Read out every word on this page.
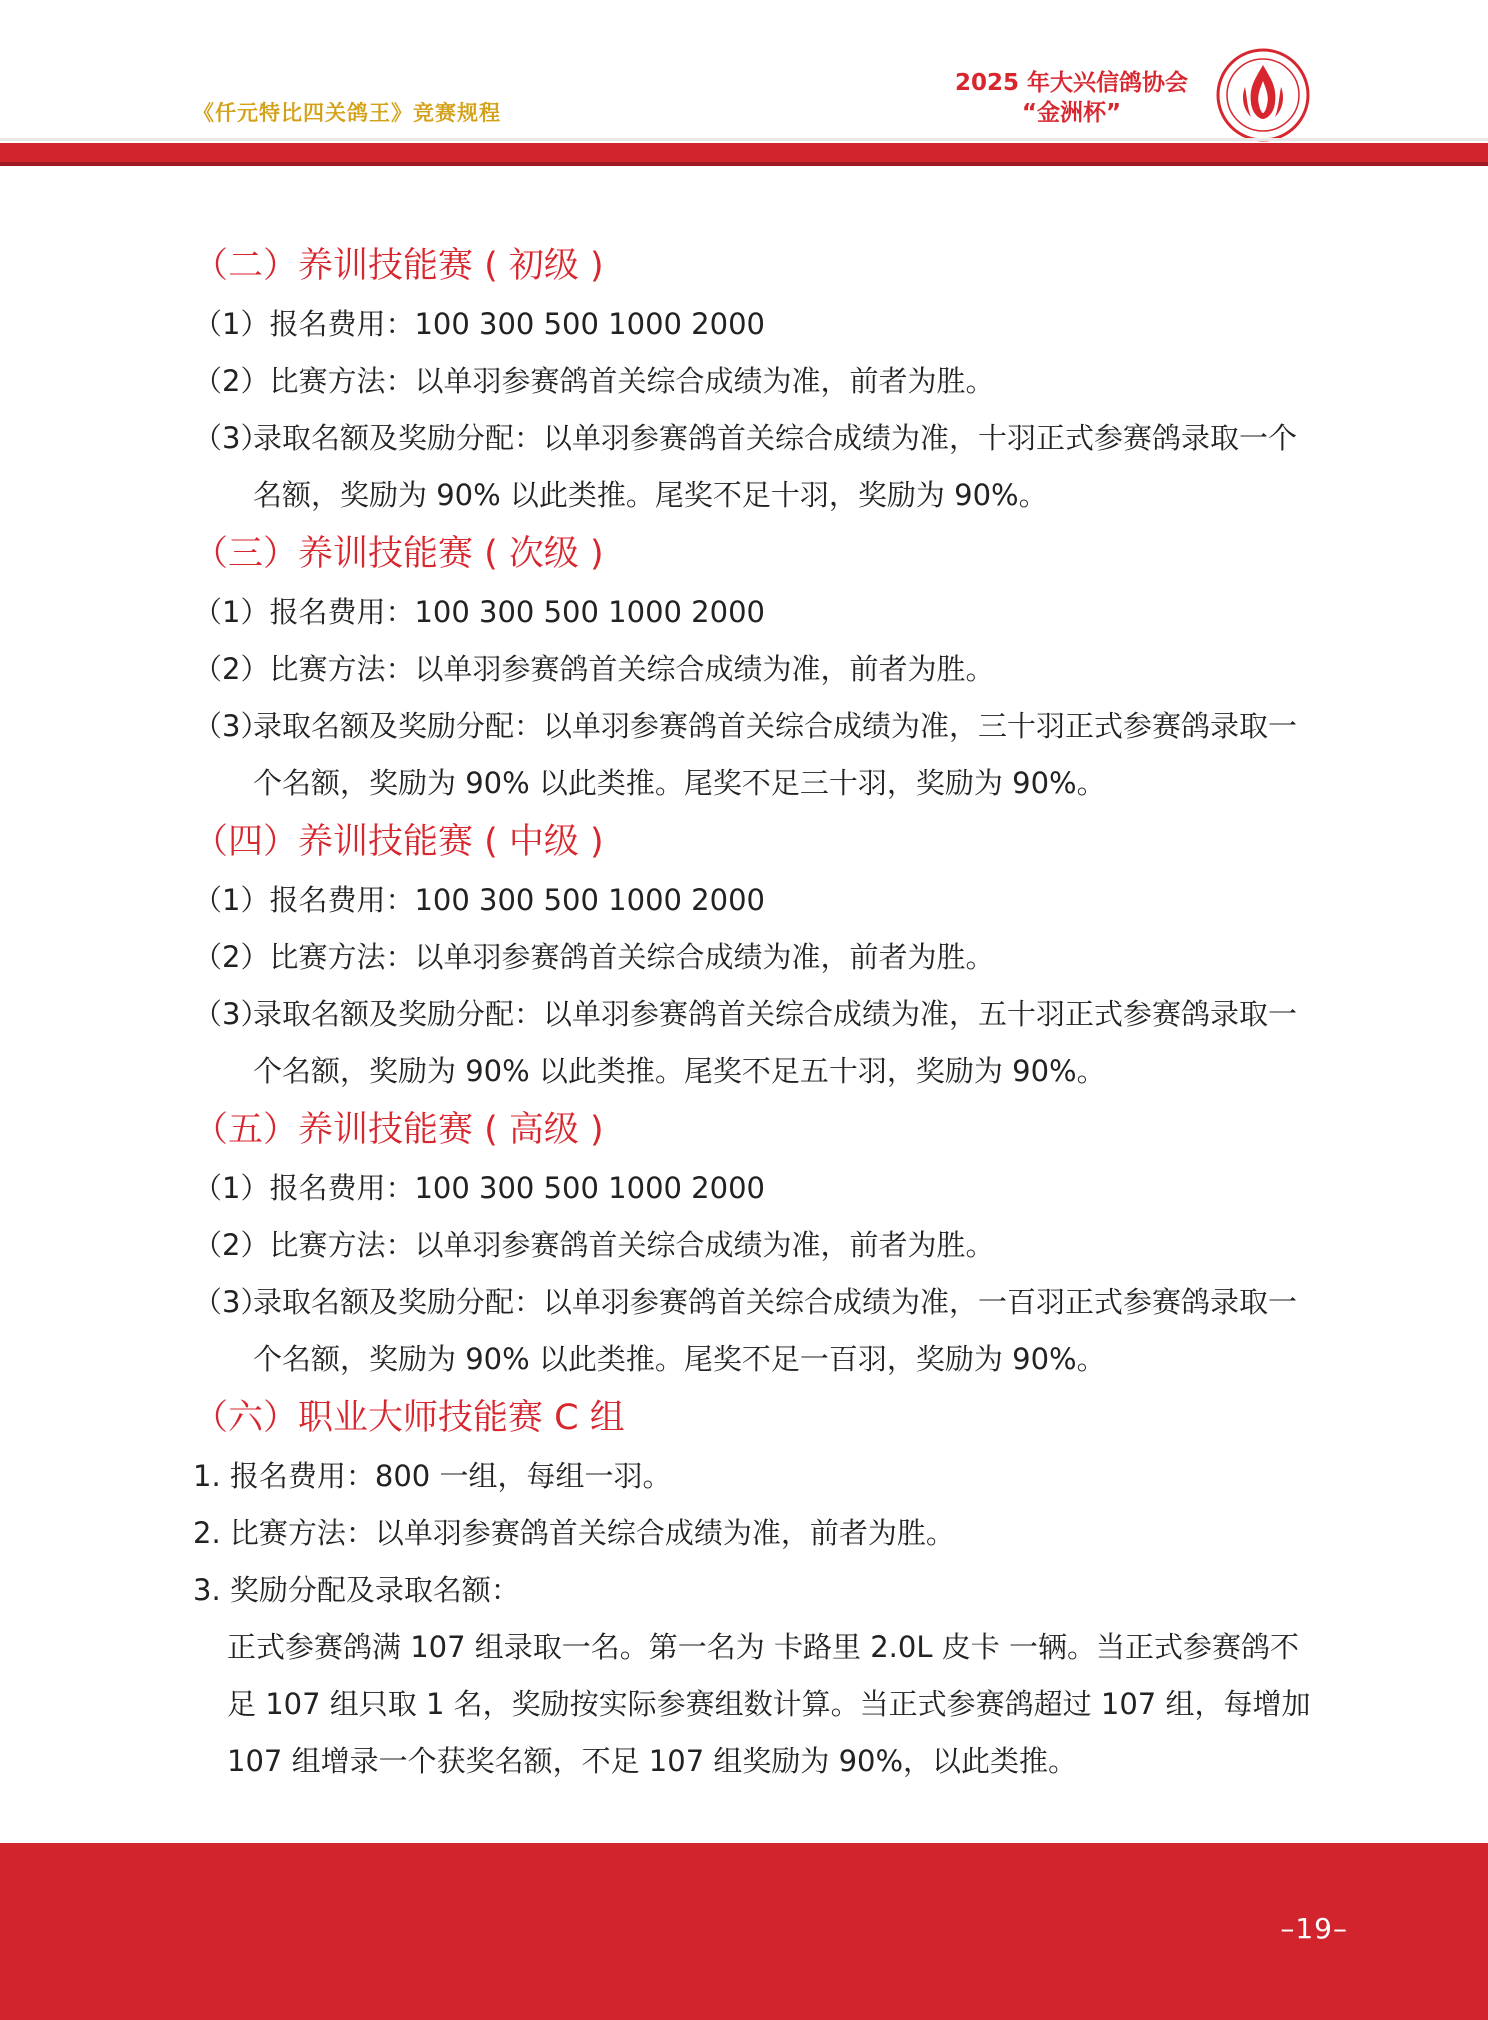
《仟元特比四关鸽王》竞赛规程
2025 年大兴信鸽协会
“金洲杯”
（二）养训技能赛 ( 初级 )
（1）报名费用：100 300 500 1000 2000
（2）比赛方法：以单羽参赛鸽首关综合成绩为准，前者为胜。
（3）录取名额及奖励分配：以单羽参赛鸽首关综合成绩为准，十羽正式参赛鸽录取一个名额，奖励为 90% 以此类推。尾奖不足十羽，奖励为 90%。
（三）养训技能赛 ( 次级 )
（1）报名费用：100 300 500 1000 2000
（2）比赛方法：以单羽参赛鸽首关综合成绩为准，前者为胜。
（3）录取名额及奖励分配：以单羽参赛鸽首关综合成绩为准，三十羽正式参赛鸽录取一个名额，奖励为 90% 以此类推。尾奖不足三十羽，奖励为 90%。
（四）养训技能赛 ( 中级 )
（1）报名费用：100 300 500 1000 2000
（2）比赛方法：以单羽参赛鸽首关综合成绩为准，前者为胜。
（3）录取名额及奖励分配：以单羽参赛鸽首关综合成绩为准，五十羽正式参赛鸽录取一个名额，奖励为 90% 以此类推。尾奖不足五十羽，奖励为 90%。
（五）养训技能赛 ( 高级 )
（1）报名费用：100 300 500 1000 2000
（2）比赛方法：以单羽参赛鸽首关综合成绩为准，前者为胜。
（3）录取名额及奖励分配：以单羽参赛鸽首关综合成绩为准，一百羽正式参赛鸽录取一个名额，奖励为 90% 以此类推。尾奖不足一百羽，奖励为 90%。
（六）职业大师技能赛 C 组
1. 报名费用：800 一组，每组一羽。
2. 比赛方法：以单羽参赛鸽首关综合成绩为准，前者为胜。
3. 奖励分配及录取名额：
正式参赛鸽满 107 组录取一名。第一名为 卡路里 2.0L 皮卡 一辆。当正式参赛鸽不足 107 组只取 1 名，奖励按实际参赛组数计算。当正式参赛鸽超过 107 组，每增加 107 组增录一个获奖名额，不足 107 组奖励为 90%，以此类推。
–19–
